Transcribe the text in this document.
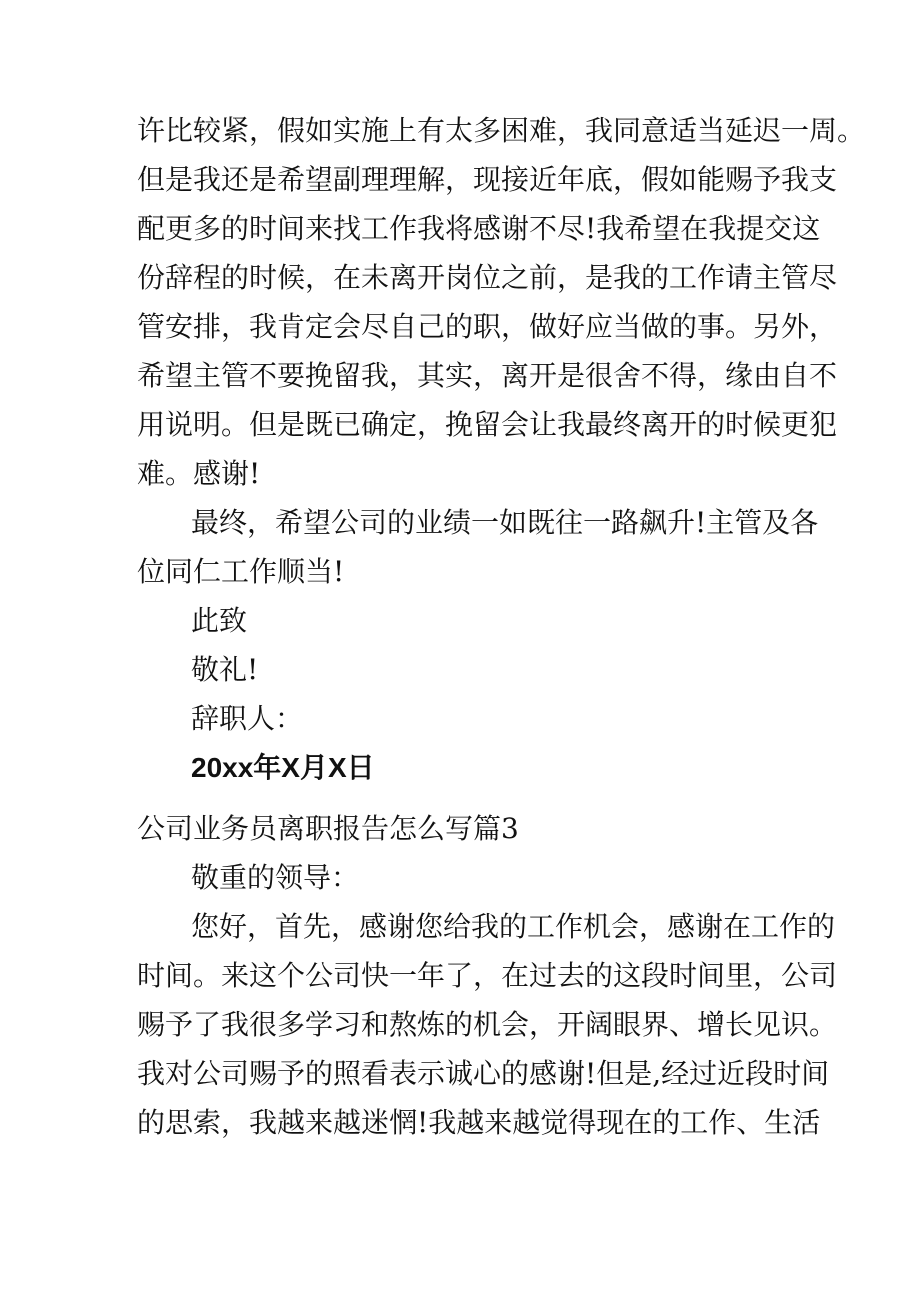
许比较紧，假如实施上有太多困难，我同意适当延迟一周。
但是我还是希望副理理解，现接近年底，假如能赐予我支
配更多的时间来找工作我将感谢不尽!我希望在我提交这
份辞程的时候，在未离开岗位之前，是我的工作请主管尽
管安排，我肯定会尽自己的职，做好应当做的事。另外，
希望主管不要挽留我，其实，离开是很舍不得，缘由自不
用说明。但是既已确定，挽留会让我最终离开的时候更犯
难。感谢!
最终，希望公司的业绩一如既往一路飙升!主管及各
位同仁工作顺当!
此致
敬礼!
辞职人：
20xx年X月X日
公司业务员离职报告怎么写篇3
敬重的领导：
您好，首先，感谢您给我的工作机会，感谢在工作的
时间。来这个公司快一年了，在过去的这段时间里，公司
赐予了我很多学习和熬炼的机会，开阔眼界、增长见识。
我对公司赐予的照看表示诚心的感谢!但是,经过近段时间
的思索，我越来越迷惘!我越来越觉得现在的工作、生活
